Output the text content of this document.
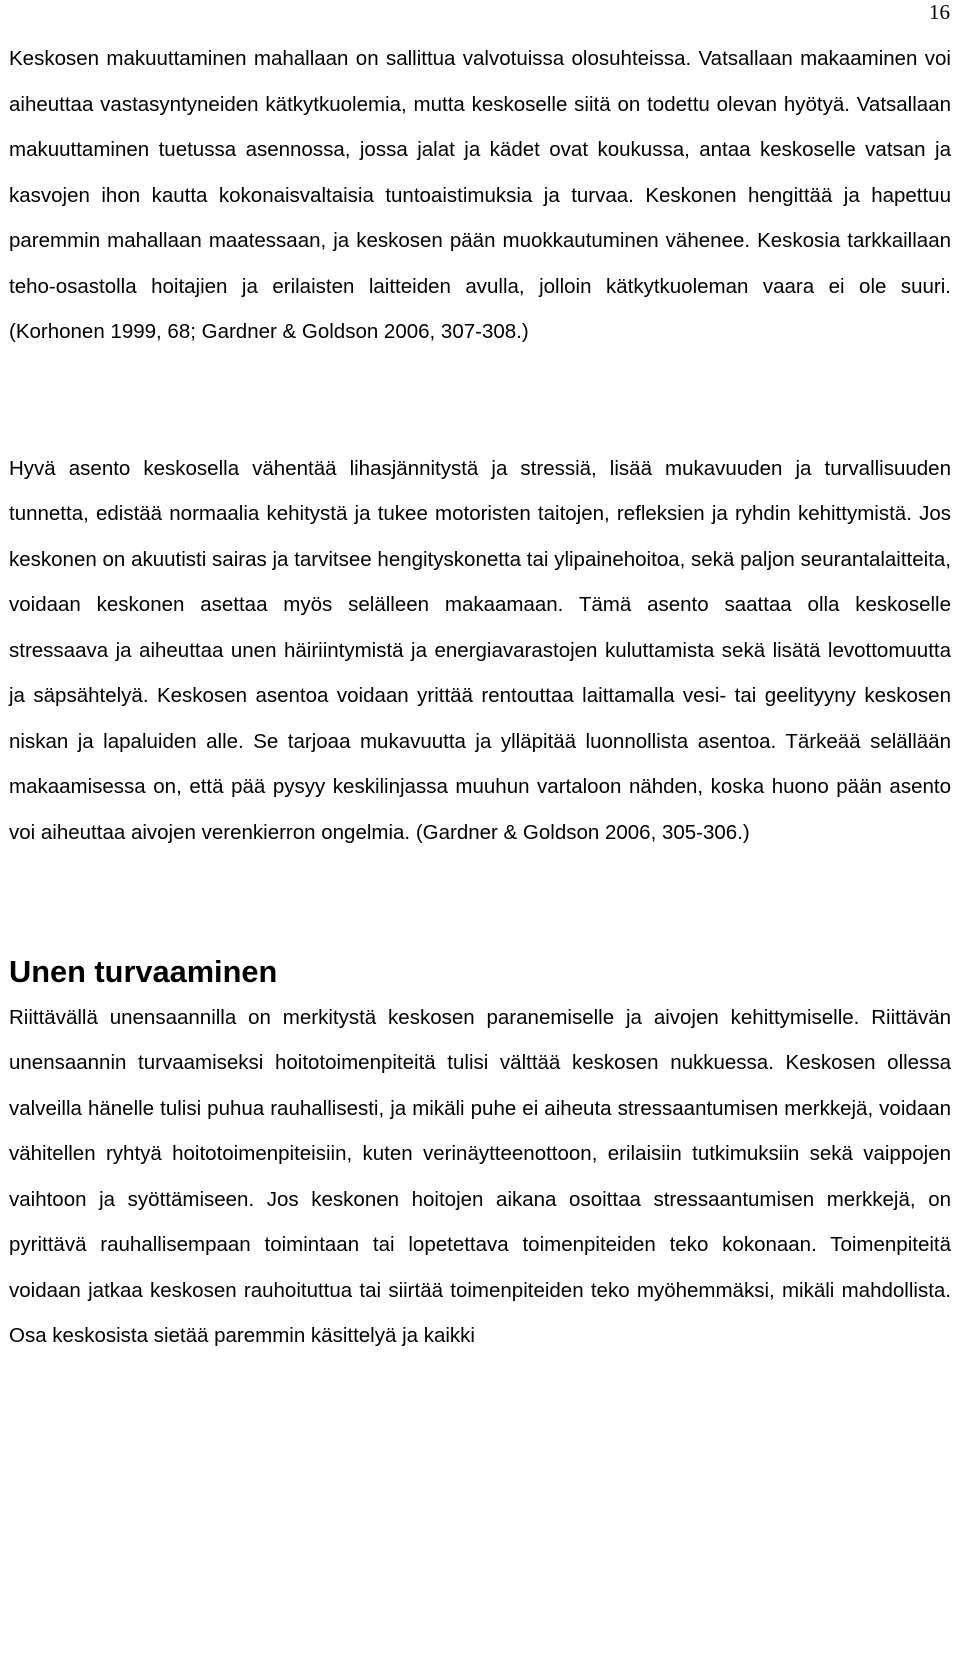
16

Keskosen makuuttaminen mahallaan on sallittua valvotuissa olosuhteissa. Vatsallaan makaaminen voi aiheuttaa vastasyntyneiden kätkytkuolemia, mutta keskoselle siitä on todettu olevan hyötyä. Vatsallaan makuuttaminen tuetussa asennossa, jossa jalat ja kädet ovat koukussa, antaa keskoselle vatsan ja kasvojen ihon kautta kokonaisvaltaisia tuntoaistimuksia ja turvaa. Keskonen hengittää ja hapettuu paremmin mahallaan maatessaan, ja keskosen pään muokkautuminen vähenee. Keskosia tarkkaillaan teho-osastolla hoitajien ja erilaisten laitteiden avulla, jolloin kätkytkuoleman vaara ei ole suuri. (Korhonen 1999, 68; Gardner & Goldson 2006, 307-308.)

Hyvä asento keskosella vähentää lihasjännitystä ja stressiä, lisää mukavuuden ja turvallisuuden tunnetta, edistää normaalia kehitystä ja tukee motoristen taitojen, refleksien ja ryhdin kehittymistä. Jos keskonen on akuutisti sairas ja tarvitsee hengityskonetta tai ylipainehoitoa, sekä paljon seurantalaitteita, voidaan keskonen asettaa myös selälleen makaamaan. Tämä asento saattaa olla keskoselle stressaava ja aiheuttaa unen häiriintymistä ja energiavarastojen kuluttamista sekä lisätä levottomuutta ja säpsähtelyä. Keskosen asentoa voidaan yrittää rentouttaa laittamalla vesi- tai geelityyny keskosen niskan ja lapaluiden alle. Se tarjoaa mukavuutta ja ylläpitää luonnollista asentoa. Tärkeää selällään makaamisessa on, että pää pysyy keskilinjassa muuhun vartaloon nähden, koska huono pään asento voi aiheuttaa aivojen verenkierron ongelmia. (Gardner & Goldson 2006, 305-306.)

Unen turvaaminen

Riittävällä unensaannilla on merkitystä keskosen paranemiselle ja aivojen kehittymiselle. Riittävän unensaannin turvaamiseksi hoitotoimenpiteitä tulisi välttää keskosen nukkuessa. Keskosen ollessa valveilla hänelle tulisi puhua rauhallisesti, ja mikäli puhe ei aiheuta stressaantumisen merkkejä, voidaan vähitellen ryhtyä hoitotoimenpiteisiin, kuten verinäytteenottoon, erilaisiin tutkimuksiin sekä vaippojen vaihtoon ja syöttämiseen. Jos keskonen hoitojen aikana osoittaa stressaantumisen merkkejä, on pyrittävä rauhallisempaan toimintaan tai lopetettava toimenpiteiden teko kokonaan. Toimenpiteitä voidaan jatkaa keskosen rauhoituttua tai siirtää toimenpiteiden teko myöhemmäksi, mikäli mahdollista. Osa keskosista sietää paremmin käsittelyä ja kaikki
